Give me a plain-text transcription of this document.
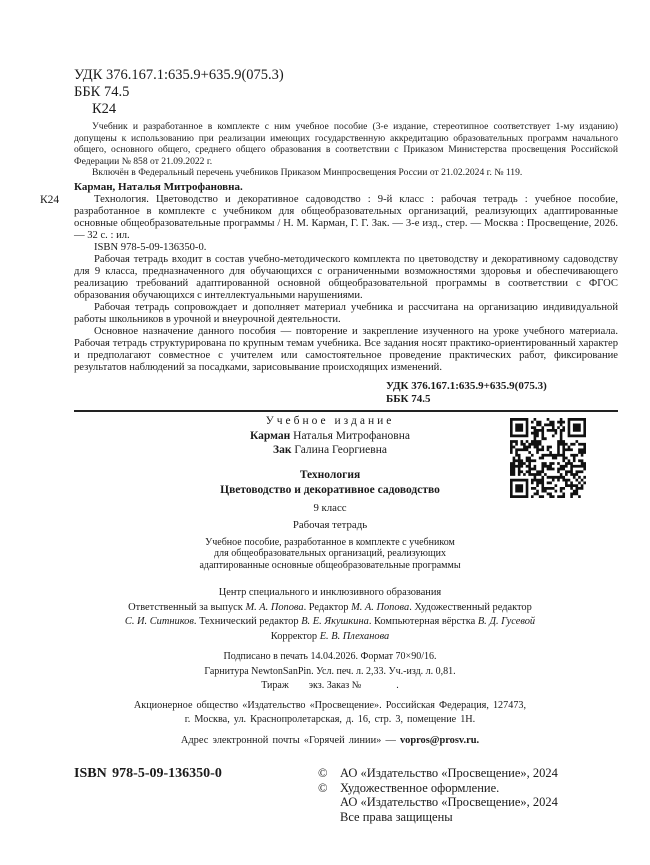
УДК 376.167.1:635.9+635.9(075.3)
ББК 74.5
К24

Учебник и разработанное в комплекте с ним учебное пособие (3-е издание, стереотипное соответствует 1-му изданию) допущены к использованию при реализации имеющих государственную аккредитацию образовательных программ начального общего, основного общего, среднего общего образования в соответствии с Приказом Министерства просвещения Российской Федерации № 858 от 21.09.2022 г.

Включён в Федеральный перечень учебников Приказом Минпросвещения России от 21.02.2024 г. № 119.

Карман, Наталья Митрофановна.
К24	Технология. Цветоводство и декоративное садоводство : 9-й класс : рабочая тетрадь : учебное пособие, разработанное в комплекте с учебником для общеобразовательных организаций, реализующих адаптированные основные общеобразовательные программы / Н. М. Карман, Г. Г. Зак. — 3-е изд., стер. — Москва : Просвещение, 2026. — 32 с. : ил.

ISBN 978-5-09-136350-0.

Рабочая тетрадь входит в состав учебно-методического комплекта по цветоводству и декоративному садоводству для 9 класса, предназначенного для обучающихся с ограниченными возможностями здоровья и обеспечивающего реализацию требований адаптированной основной общеобразовательной программы в соответствии с ФГОС образования обучающихся с интеллектуальными нарушениями.

Рабочая тетрадь сопровождает и дополняет материал учебника и рассчитана на организацию индивидуальной работы школьников в урочной и внеурочной деятельности.

Основное назначение данного пособия — повторение и закрепление изученного на уроке учебного материала. Рабочая тетрадь структурирована по крупным темам учебника. Все задания носят практико-ориентированный характер и предполагают совместное с учителем или самостоятельное проведение практических работ, фиксирование результатов наблюдений за посадками, зарисовывание происходящих изменений.

УДК 376.167.1:635.9+635.9(075.3)
ББК 74.5
Учебное издание
Карман Наталья Митрофановна
Зак Галина Георгиевна
Технология
Цветоводство и декоративное садоводство
9 класс
Рабочая тетрадь
Учебное пособие, разработанное в комплекте с учебником
для общеобразовательных организаций, реализующих
адаптированные основные общеобразовательные программы
Центр специального и инклюзивного образования
Ответственный за выпуск М. А. Попова. Редактор М. А. Попова. Художественный редактор
С. И. Ситников. Технический редактор В. Е. Якушкина. Компьютерная вёрстка В. Д. Гусевой
Корректор Е. В. Плеханова
Подписано в печать 14.04.2026. Формат 70×90/16.
Гарнитура NewtonSanPin. Усл. печ. л. 2,33. Уч.-изд. л. 0,81.
Тираж        экз. Заказ №              .
Акционерное общество «Издательство «Просвещение». Российская Федерация, 127473,
г. Москва, ул. Краснопролетарская, д. 16, стр. 3, помещение 1Н.
Адрес электронной почты «Горячей линии» — vopros@prosv.ru.
ISBN 978-5-09-136350-0	© АО «Издательство «Просвещение», 2024
© Художественное оформление.
АО «Издательство «Просвещение», 2024
Все права защищены
